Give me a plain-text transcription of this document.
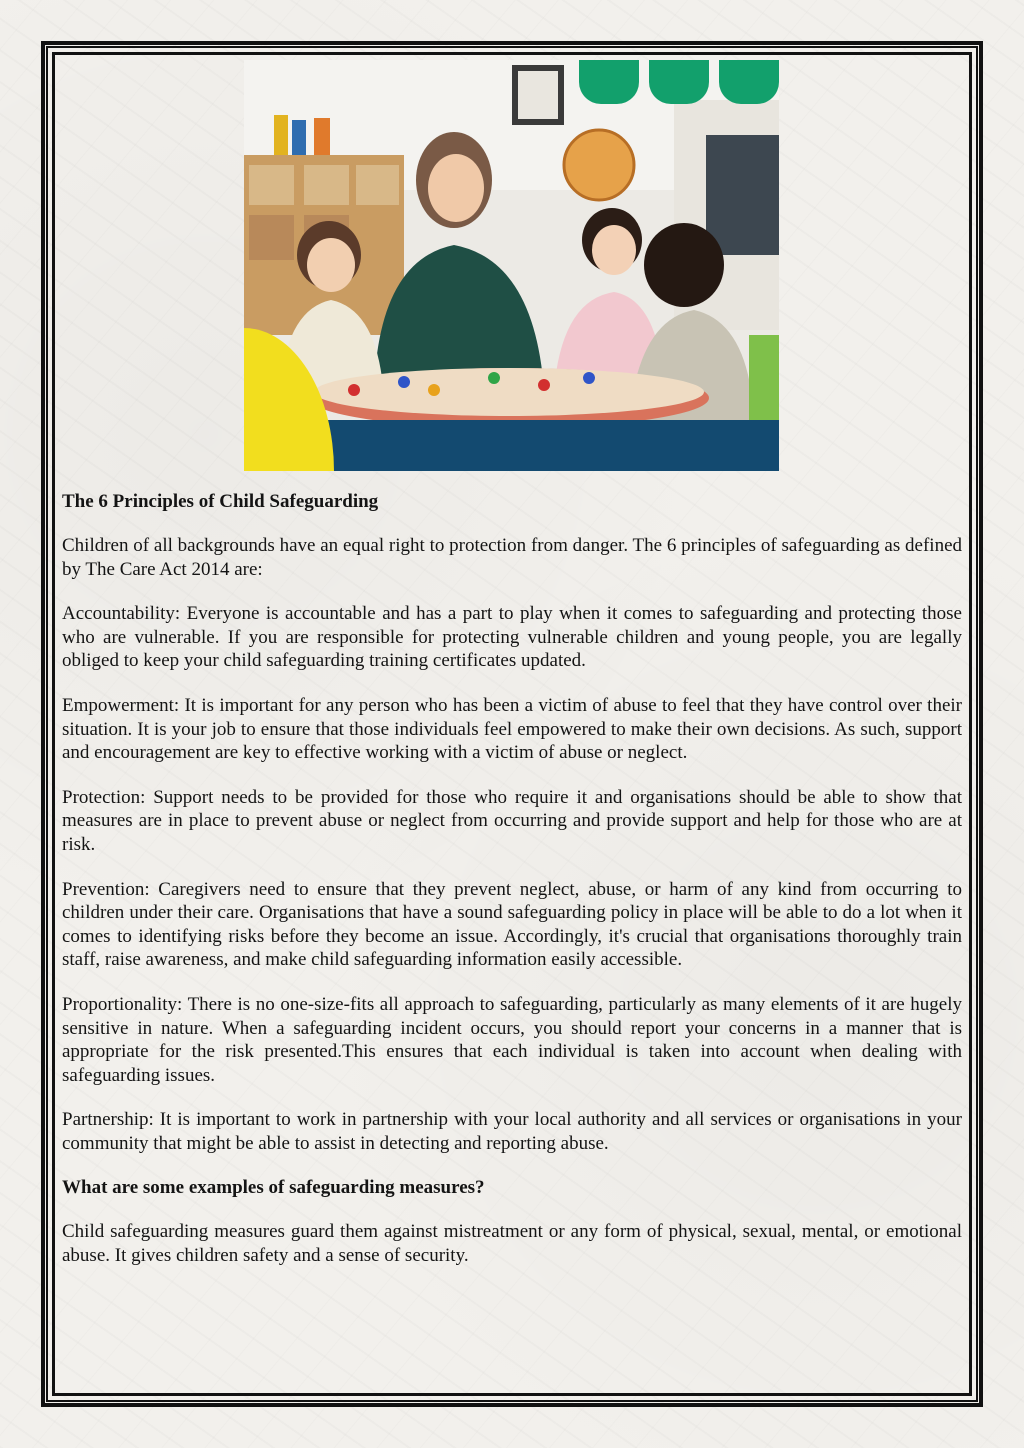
The 6 Principles of Child Safeguarding

Children of all backgrounds have an equal right to protection from danger. The 6 principles of safeguarding as defined by The Care Act 2014 are:

Accountability: Everyone is accountable and has a part to play when it comes to safeguarding and protecting those who are vulnerable. If you are responsible for protecting vulnerable children and young people, you are legally obliged to keep your child safeguarding training certificates updated.

Empowerment: It is important for any person who has been a victim of abuse to feel that they have control over their situation. It is your job to ensure that those individuals feel empowered to make their own decisions. As such, support and encouragement are key to effective working with a victim of abuse or neglect.

Protection: Support needs to be provided for those who require it and organisations should be able to show that measures are in place to prevent abuse or neglect from occurring and provide support and help for those who are at risk.

Prevention: Caregivers need to ensure that they prevent neglect, abuse, or harm of any kind from occurring to children under their care. Organisations that have a sound safeguarding policy in place will be able to do a lot when it comes to identifying risks before they become an issue. Accordingly, it's crucial that organisations thoroughly train staff, raise awareness, and make child safeguarding information easily accessible.

Proportionality: There is no one-size-fits all approach to safeguarding, particularly as many elements of it are hugely sensitive in nature. When a safeguarding incident occurs, you should report your concerns in a manner that is appropriate for the risk presented.This ensures that each individual is taken into account when dealing with safeguarding issues.

Partnership: It is important to work in partnership with your local authority and all services or organisations in your community that might be able to assist in detecting and reporting abuse.

What are some examples of safeguarding measures?

Child safeguarding measures guard them against mistreatment or any form of physical, sexual, mental, or emotional abuse. It gives children safety and a sense of security.
